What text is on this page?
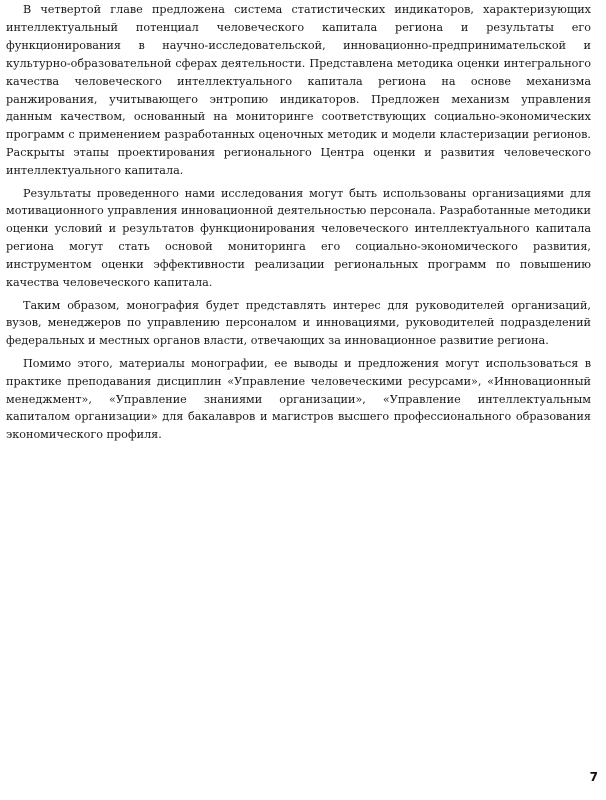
В четвертой главе предложена система статистических индикаторов, характеризующих интеллектуальный потенциал человеческого капитала региона и результаты его функционирования в научно-исследовательской, инновационно-предпринимательской и культурно-образовательной сферах деятельности. Представлена методика оценки интегрального качества человеческого интеллектуального капитала региона на основе механизма ранжирования, учитывающего энтропию индикаторов. Предложен механизм управления данным качеством, основанный на мониторинге соответствующих социально-экономических программ с применением разработанных оценочных методик и модели кластеризации регионов. Раскрыты этапы проектирования регионального Центра оценки и развития человеческого интеллектуального капитала.

Результаты проведенного нами исследования могут быть использованы организациями для мотивационного управления инновационной деятельностью персонала. Разработанные методики оценки условий и результатов функционирования человеческого интеллектуального капитала региона могут стать основой мониторинга его социально-экономического развития, инструментом оценки эффективности реализации региональных программ по повышению качества человеческого капитала.

Таким образом, монография будет представлять интерес для руководителей организаций, вузов, менеджеров по управлению персоналом и инновациями, руководителей подразделений федеральных и местных органов власти, отвечающих за инновационное развитие региона.

Помимо этого, материалы монографии, ее выводы и предложения могут использоваться в практике преподавания дисциплин «Управление человеческими ресурсами», «Инновационный менеджмент», «Управление знаниями организации», «Управление интеллектуальным капиталом организации» для бакалавров и магистров высшего профессионального образования экономического профиля.

7
